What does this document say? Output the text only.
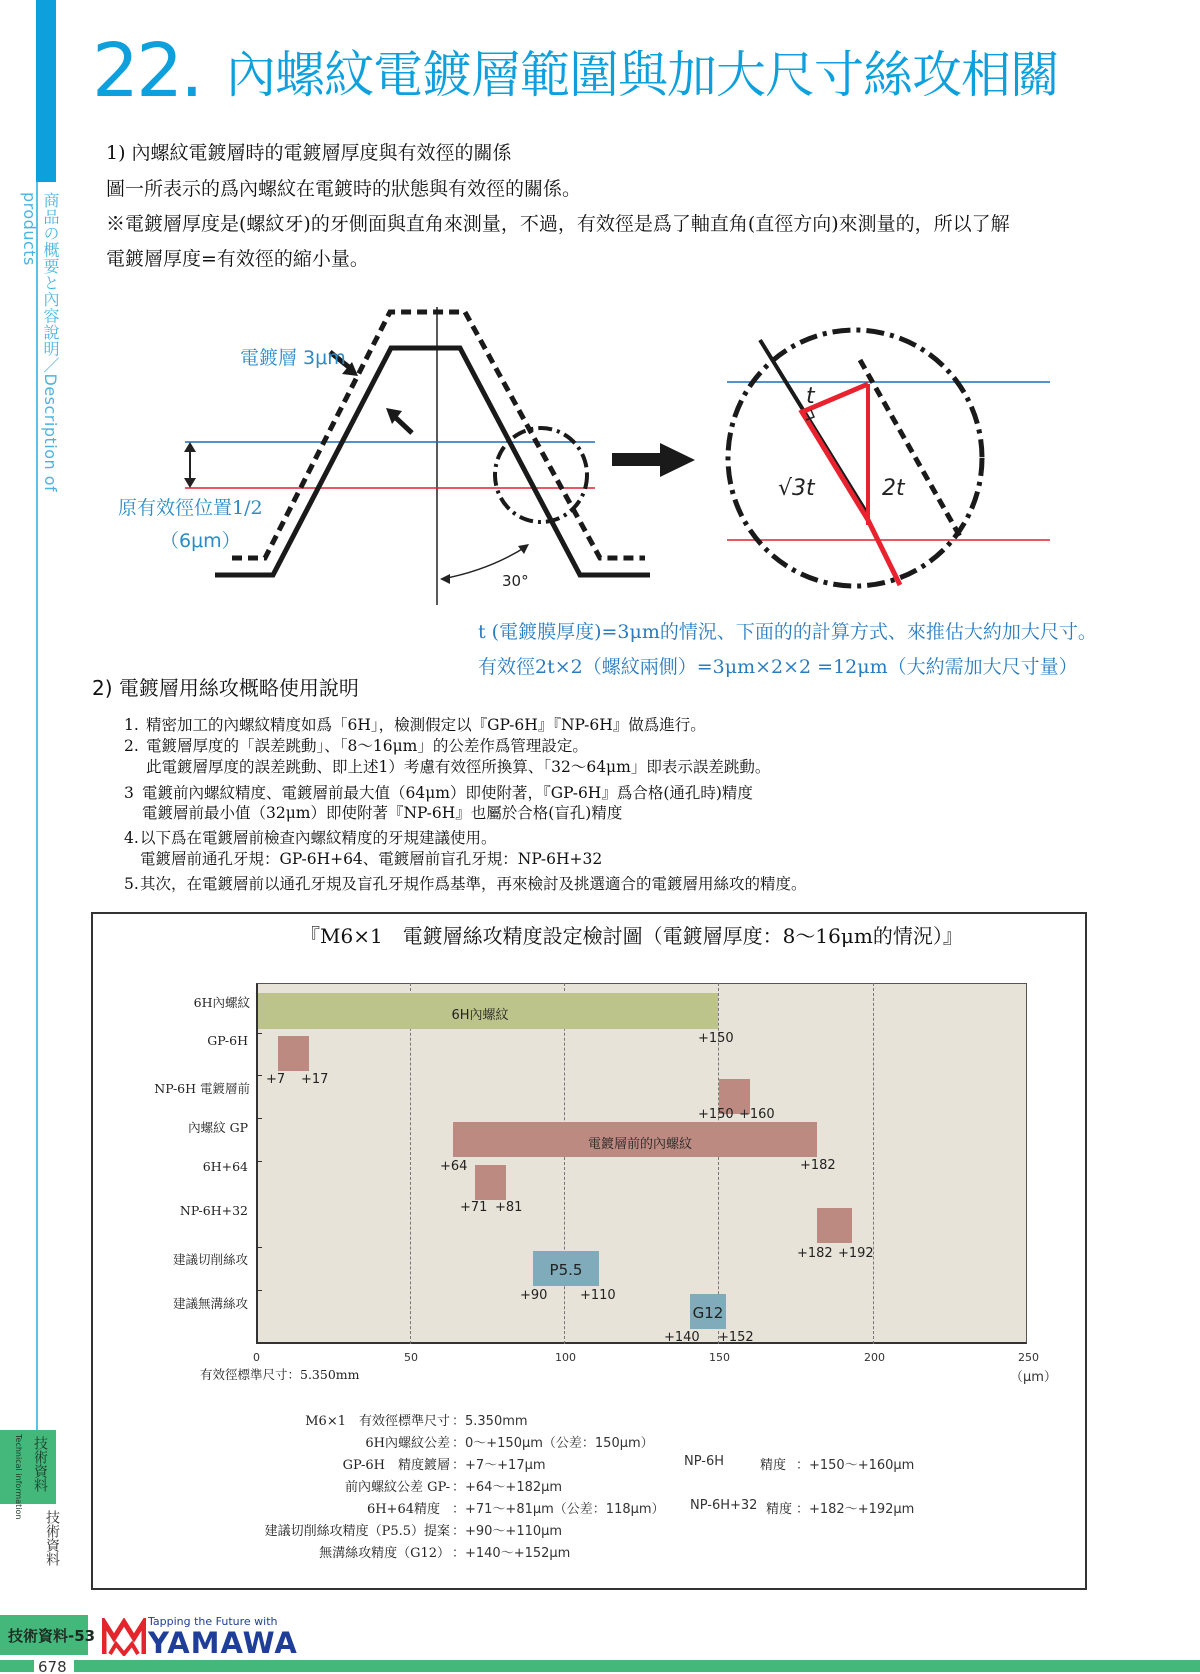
商品の概要と內容說明／Description of products
22. 內螺紋電鍍層範圍與加大尺寸絲攻相關
1) 內螺紋電鍍層時的電鍍層厚度與有效徑的關係
圖一所表示的爲內螺紋在電鍍時的狀態與有效徑的關係。
※電鍍層厚度是(螺紋牙)的牙側面與直角來測量，不過，有效徑是爲了軸直角(直徑方向)來測量的，所以了解
電鍍層厚度=有效徑的縮小量。
電鍍層 3μm
原有效徑位置1/2
（6μm）
30°
t
√3t	2t
t (電鍍膜厚度)=3μm的情況、下面的的計算方式、來推估大約加大尺寸。
有效徑2t×2（螺紋兩側）=3μm×2×2 =12μm（大約需加大尺寸量）
2) 電鍍層用絲攻概略使用說明
1. 精密加工的內螺紋精度如爲「6H」，檢測假定以『GP-6H』『NP-6H』做爲進行。
2. 電鍍層厚度的「誤差跳動」、「8～16μm」的公差作爲管理設定。
此電鍍層厚度的誤差跳動、即上述1）考慮有效徑所換算、「32～64μm」即表示誤差跳動。
3 電鍍前內螺紋精度、電鍍層前最大值（64μm）即使附著，『GP-6H』爲合格(通孔時)精度
電鍍層前最小值（32μm）即使附著『NP-6H』也屬於合格(盲孔)精度
4. 以下爲在電鍍層前檢查內螺紋精度的牙規建議使用。
電鍍層前通孔牙規：GP-6H+64、電鍍層前盲孔牙規：NP-6H+32
5. 其次，在電鍍層前以通孔牙規及盲孔牙規作爲基準，再來檢討及挑選適合的電鍍層用絲攻的精度。
『M6×1　電鍍層絲攻精度設定檢討圖（電鍍層厚度：8～16μm的情況）』
6H內螺紋
GP-6H
NP-6H 電鍍層前
內螺紋 GP
6H+64
NP-6H+32
建議切削絲攻
建議無溝絲攻
6H內螺紋
+150
+7 +17
+150 +160
電鍍層前的內螺紋
+64	+182
+71 +81
+182 +192
P5.5
+90	+110
G12
+140 +152
0	50	100	150	200	250
（μm）
有效徑標準尺寸：5.350mm
M6×1　有效徑標準尺寸 ：5.350mm
6H內螺紋公差 ：0～+150μm（公差：150μm）
GP-6H　精度鍍層 ：+7～+17μm
前內螺紋公差 GP- ：+64～+182μm
6H+64精度 ：+71～+81μm（公差：118μm）
建議切削絲攻精度（P5.5）提案 ：+90～+110μm
無溝絲攻精度（G12） ：+140～+152μm
NP-6H	精度 ：+150～+160μm
NP-6H+32 精度 ：+182～+192μm
技術資料
Technical information
技術資料
技術資料-53
Tapping the Future with
YAMAWA
678
